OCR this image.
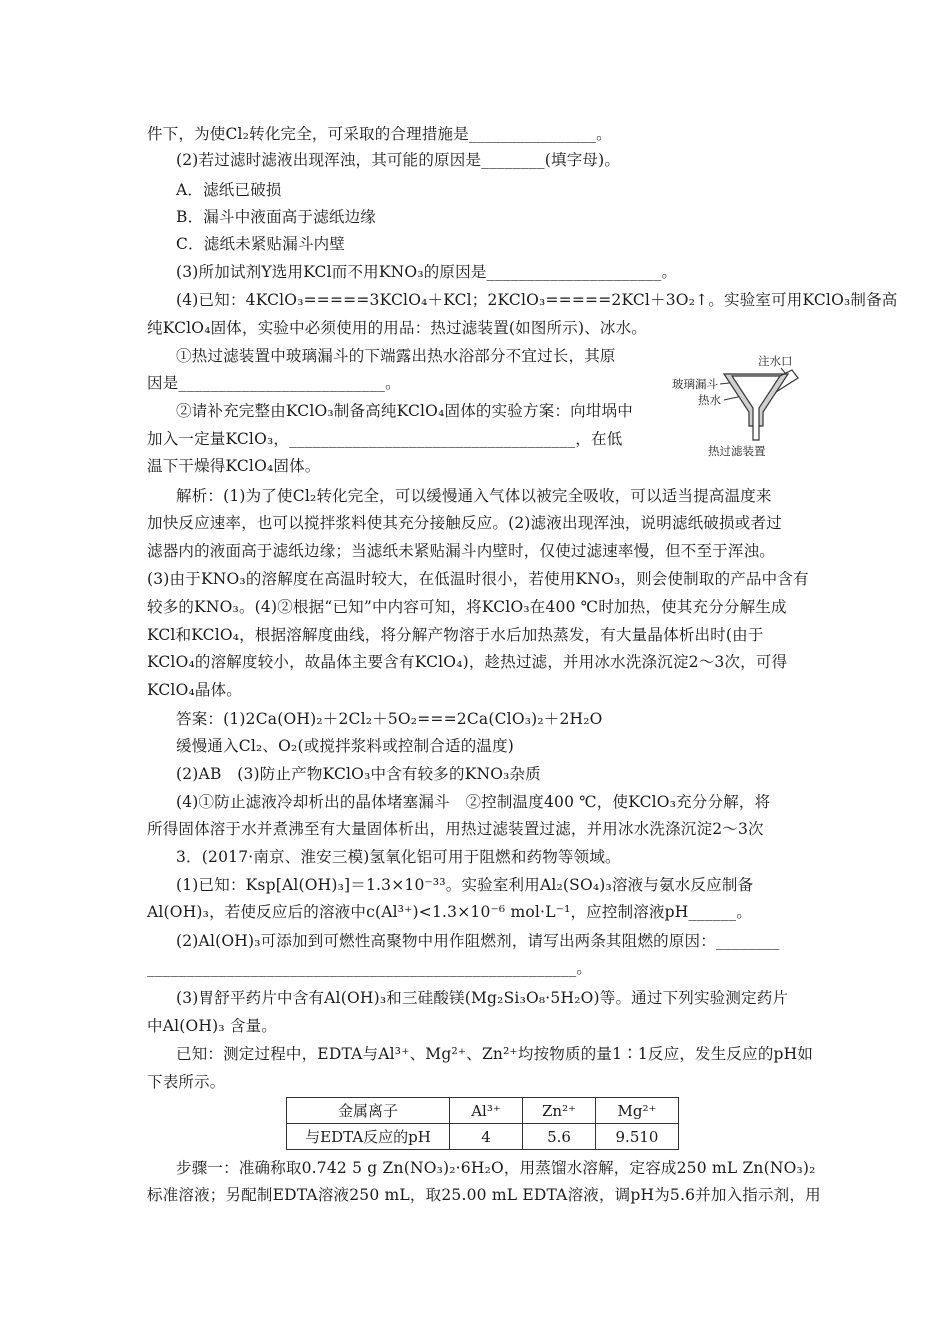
件下，为使Cl₂转化完全，可采取的合理措施是________________。
(2)若过滤时滤液出现浑浊，其可能的原因是________(填字母)。
A．滤纸已破损
B．漏斗中液面高于滤纸边缘
C．滤纸未紧贴漏斗内壁
(3)所加试剂Y选用KCl而不用KNO₃的原因是______________________。
(4)已知：4KClO₃=====3KClO₄＋KCl；2KClO₃=====2KCl＋3O₂↑。实验室可用KClO₃制备高
纯KClO₄固体，实验中必须使用的用品：热过滤装置(如图所示)、冰水。
①热过滤装置中玻璃漏斗的下端露出热水浴部分不宜过长，其原
因是__________________________。
②请补充完整由KClO₃制备高纯KClO₄固体的实验方案：向坩埚中
加入一定量KClO₃，____________________________________，在低
温下干燥得KClO₄固体。
解析：(1)为了使Cl₂转化完全，可以缓慢通入气体以被完全吸收，可以适当提高温度来
加快反应速率，也可以搅拌浆料使其充分接触反应。(2)滤液出现浑浊，说明滤纸破损或者过
滤器内的液面高于滤纸边缘；当滤纸未紧贴漏斗内壁时，仅使过滤速率慢，但不至于浑浊。
(3)由于KNO₃的溶解度在高温时较大，在低温时很小，若使用KNO₃，则会使制取的产品中含有
较多的KNO₃。(4)②根据“已知”中内容可知，将KClO₃在400 ℃时加热，使其充分分解生成
KCl和KClO₄，根据溶解度曲线，将分解产物溶于水后加热蒸发，有大量晶体析出时(由于
KClO₄的溶解度较小，故晶体主要含有KClO₄)，趁热过滤，并用冰水洗涤沉淀2～3次，可得
KClO₄晶体。
答案：(1)2Ca(OH)₂＋2Cl₂＋5O₂===2Ca(ClO₃)₂＋2H₂O
缓慢通入Cl₂、O₂(或搅拌浆料或控制合适的温度)
(2)AB　(3)防止产物KClO₃中含有较多的KNO₃杂质
(4)①防止滤液冷却析出的晶体堵塞漏斗　②控制温度400 ℃，使KClO₃充分分解，将
所得固体溶于水并煮沸至有大量固体析出，用热过滤装置过滤，并用冰水洗涤沉淀2～3次
3．(2017·南京、淮安三模)氢氧化铝可用于阻燃和药物等领域。
(1)已知：Ksp[Al(OH)₃]＝1.3×10⁻³³。实验室利用Al₂(SO₄)₃溶液与氨水反应制备
Al(OH)₃，若使反应后的溶液中c(Al³⁺)<1.3×10⁻⁶ mol·L⁻¹，应控制溶液pH______。
(2)Al(OH)₃可添加到可燃性高聚物中用作阻燃剂，请写出两条其阻燃的原因：________
______________________________________________________。
(3)胃舒平药片中含有Al(OH)₃和三硅酸镁(Mg₂Si₃O₈·5H₂O)等。通过下列实验测定药片
中Al(OH)₃ 含量。
已知：测定过程中，EDTA与Al³⁺、Mg²⁺、Zn²⁺均按物质的量1∶1反应，发生反应的pH如
下表所示。
步骤一：准确称取0.742 5 g Zn(NO₃)₂·6H₂O，用蒸馏水溶解，定容成250 mL Zn(NO₃)₂
标准溶液；另配制EDTA溶液250 mL，取25.00 mL EDTA溶液，调pH为5.6并加入指示剂，用
注水口
玻璃漏斗
热水
热过滤装置
金属离子	Al³⁺	Zn²⁺	Mg²⁺
与EDTA反应的pH	4	5.6	9.510
